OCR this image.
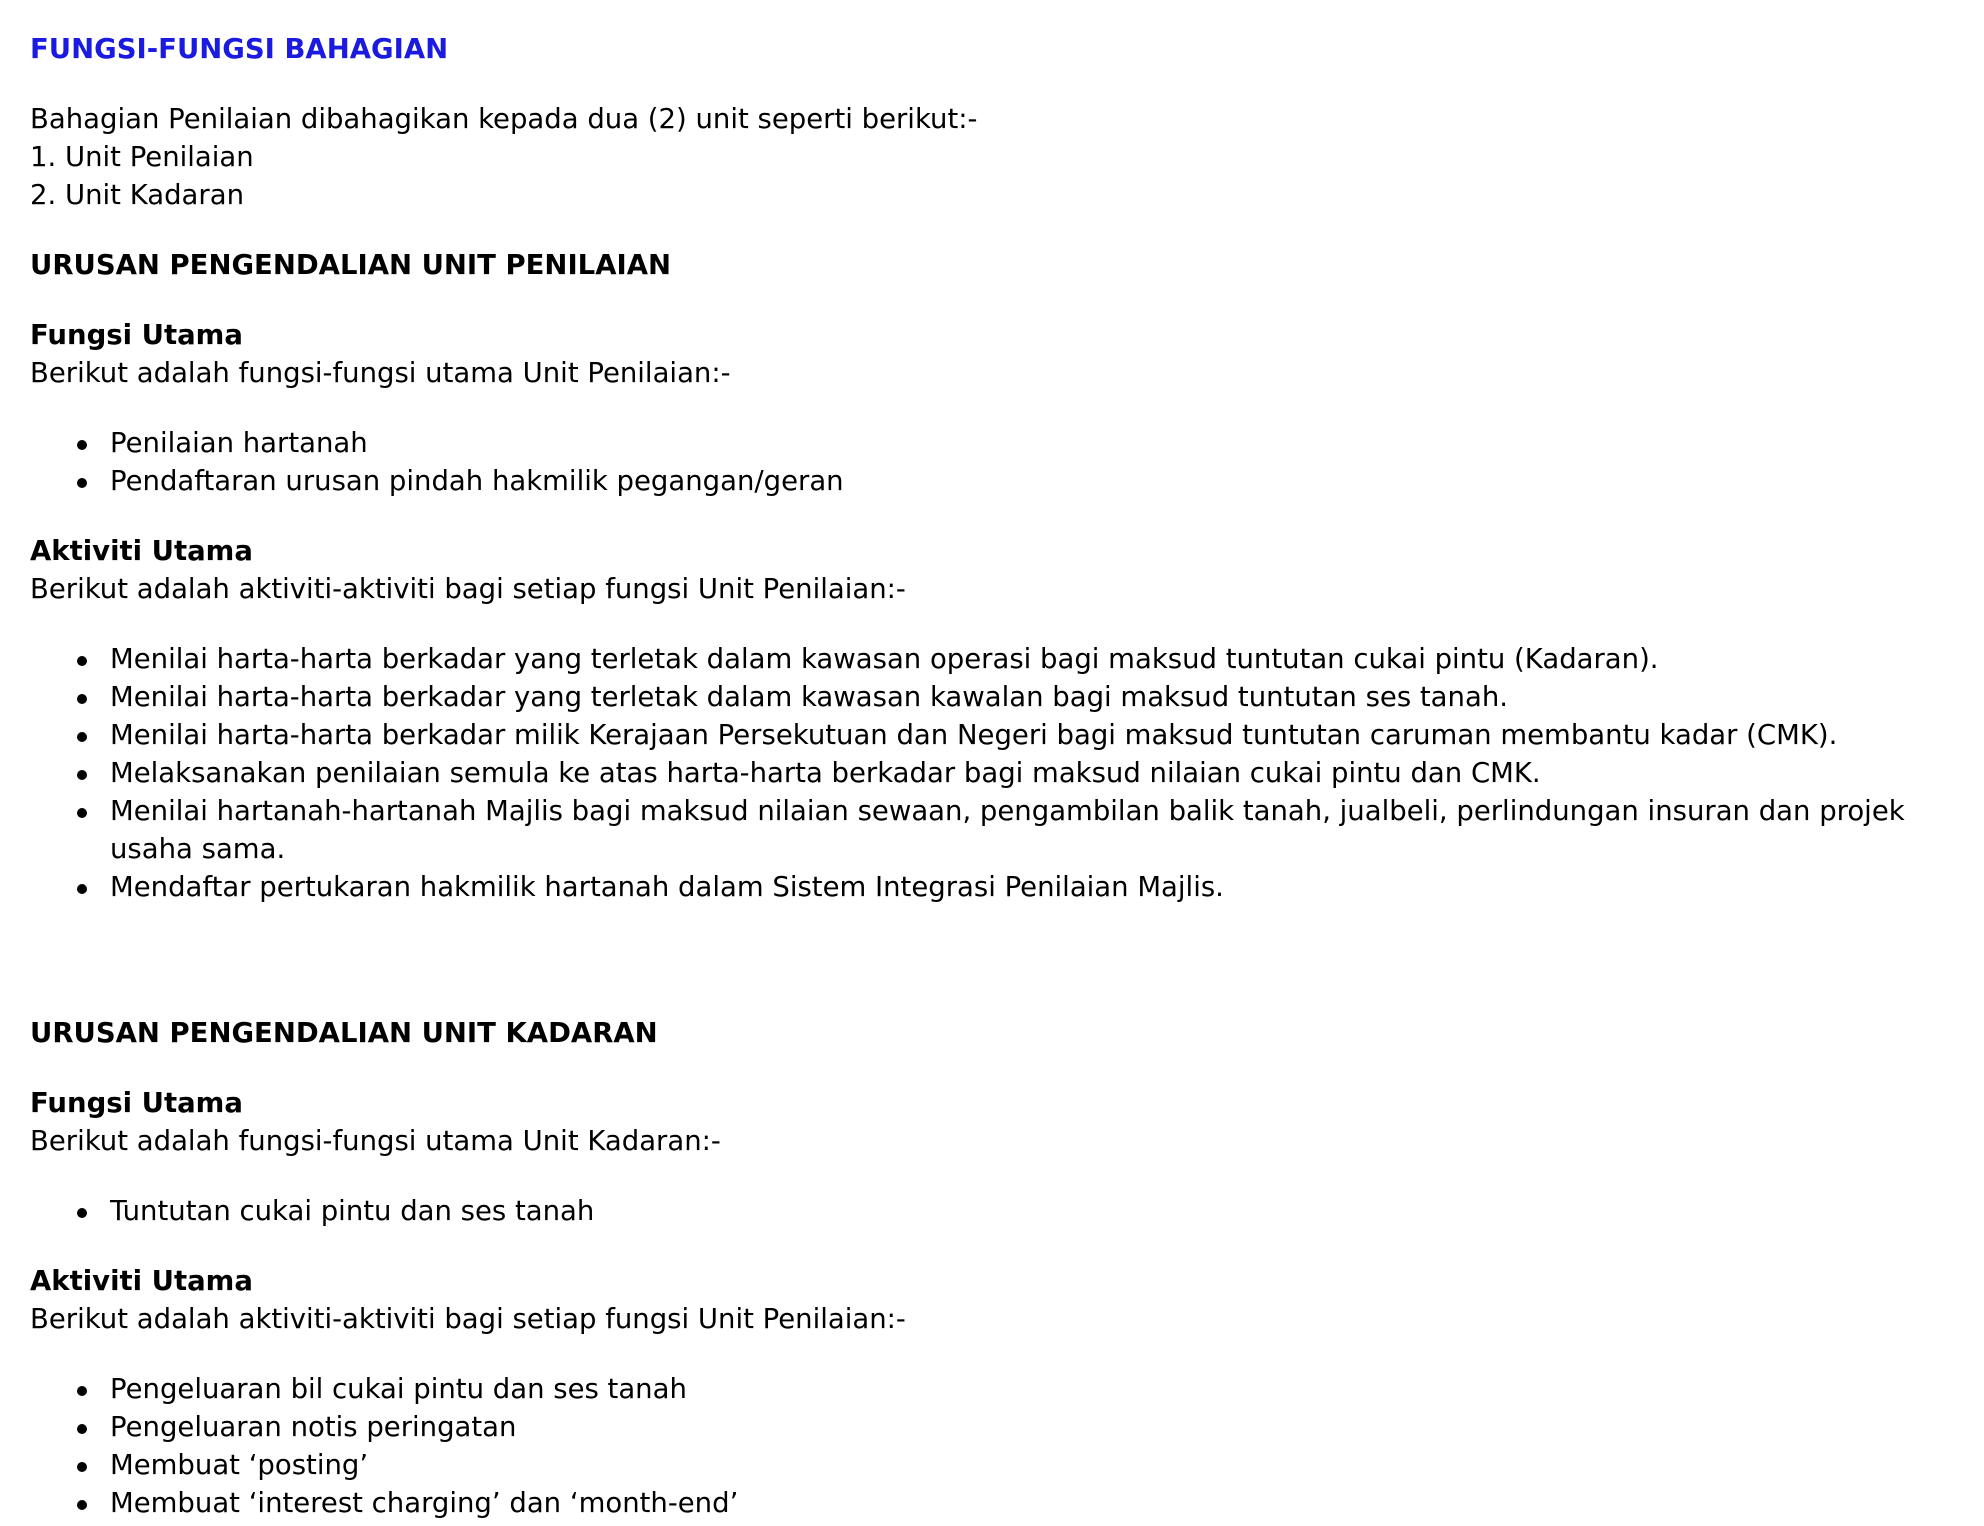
FUNGSI-FUNGSI BAHAGIAN
Bahagian Penilaian dibahagikan kepada dua (2) unit seperti berikut:-
1. Unit Penilaian
2. Unit Kadaran
URUSAN PENGENDALIAN UNIT PENILAIAN
Fungsi Utama
Berikut adalah fungsi-fungsi utama Unit Penilaian:-
Penilaian hartanah
Pendaftaran urusan pindah hakmilik pegangan/geran
Aktiviti Utama
Berikut adalah aktiviti-aktiviti bagi setiap fungsi Unit Penilaian:-
Menilai harta-harta berkadar yang terletak dalam kawasan operasi bagi maksud tuntutan cukai pintu (Kadaran).
Menilai harta-harta berkadar yang terletak dalam kawasan kawalan bagi maksud tuntutan ses tanah.
Menilai harta-harta berkadar milik Kerajaan Persekutuan dan Negeri bagi maksud tuntutan caruman membantu kadar (CMK).
Melaksanakan penilaian semula ke atas harta-harta berkadar bagi maksud nilaian cukai pintu dan CMK.
Menilai hartanah-hartanah Majlis bagi maksud nilaian sewaan, pengambilan balik tanah, jualbeli, perlindungan insuran dan projek usaha sama.
Mendaftar pertukaran hakmilik hartanah dalam Sistem Integrasi Penilaian Majlis.
URUSAN PENGENDALIAN UNIT KADARAN
Fungsi Utama
Berikut adalah fungsi-fungsi utama Unit Kadaran:-
Tuntutan cukai pintu dan ses tanah
Aktiviti Utama
Berikut adalah aktiviti-aktiviti bagi setiap fungsi Unit Penilaian:-
Pengeluaran bil cukai pintu dan ses tanah
Pengeluaran notis peringatan
Membuat ‘posting’
Membuat ‘interest charging’ dan ‘month-end’
